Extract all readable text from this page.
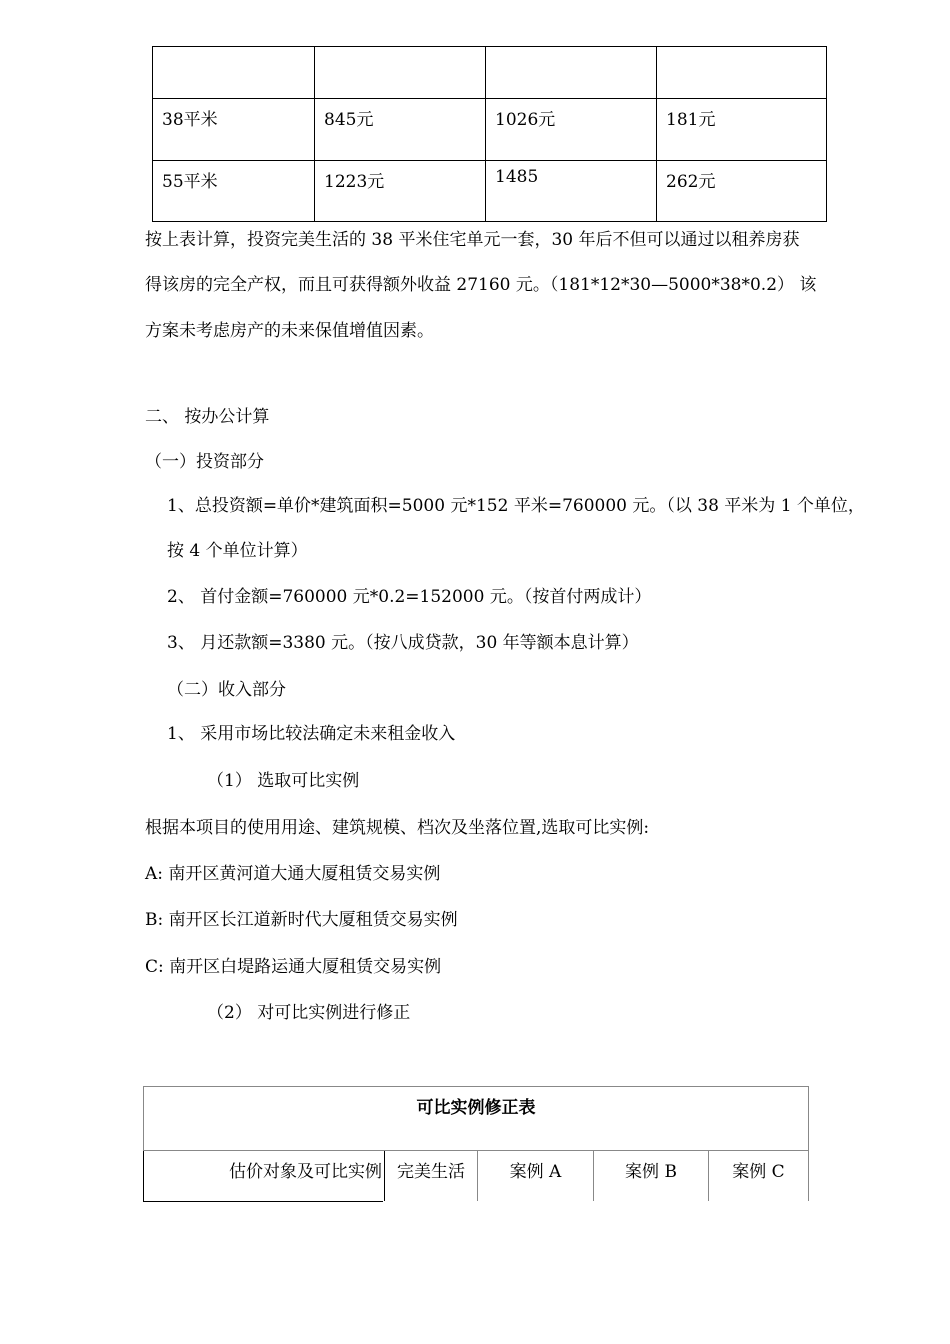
38平米	845元	1026元	181元
55平米	1223元	1485	262元
按上表计算，投资完美生活的 38 平米住宅单元一套，30 年后不但可以通过以租养房获
得该房的完全产权，而且可获得额外收益 27160 元。（181*12*30—5000*38*0.2） 该
方案未考虑房产的未来保值增值因素。
二、 按办公计算
（一）投资部分
1、总投资额=单价*建筑面积=5000 元*152 平米=760000 元。（以 38 平米为 1 个单位，
按 4 个单位计算）
2、 首付金额=760000 元*0.2=152000 元。（按首付两成计）
3、 月还款额=3380 元。（按八成贷款，30 年等额本息计算）
（二）收入部分
1、 采用市场比较法确定未来租金收入
（1） 选取可比实例
根据本项目的使用用途、建筑规模、档次及坐落位置,选取可比实例:
A: 南开区黄河道大通大厦租赁交易实例
B: 南开区长江道新时代大厦租赁交易实例
C: 南开区白堤路运通大厦租赁交易实例
（2） 对可比实例进行修正
可比实例修正表
估价对象及可比实例	完美生活	案例 A	案例 B	案例 C
